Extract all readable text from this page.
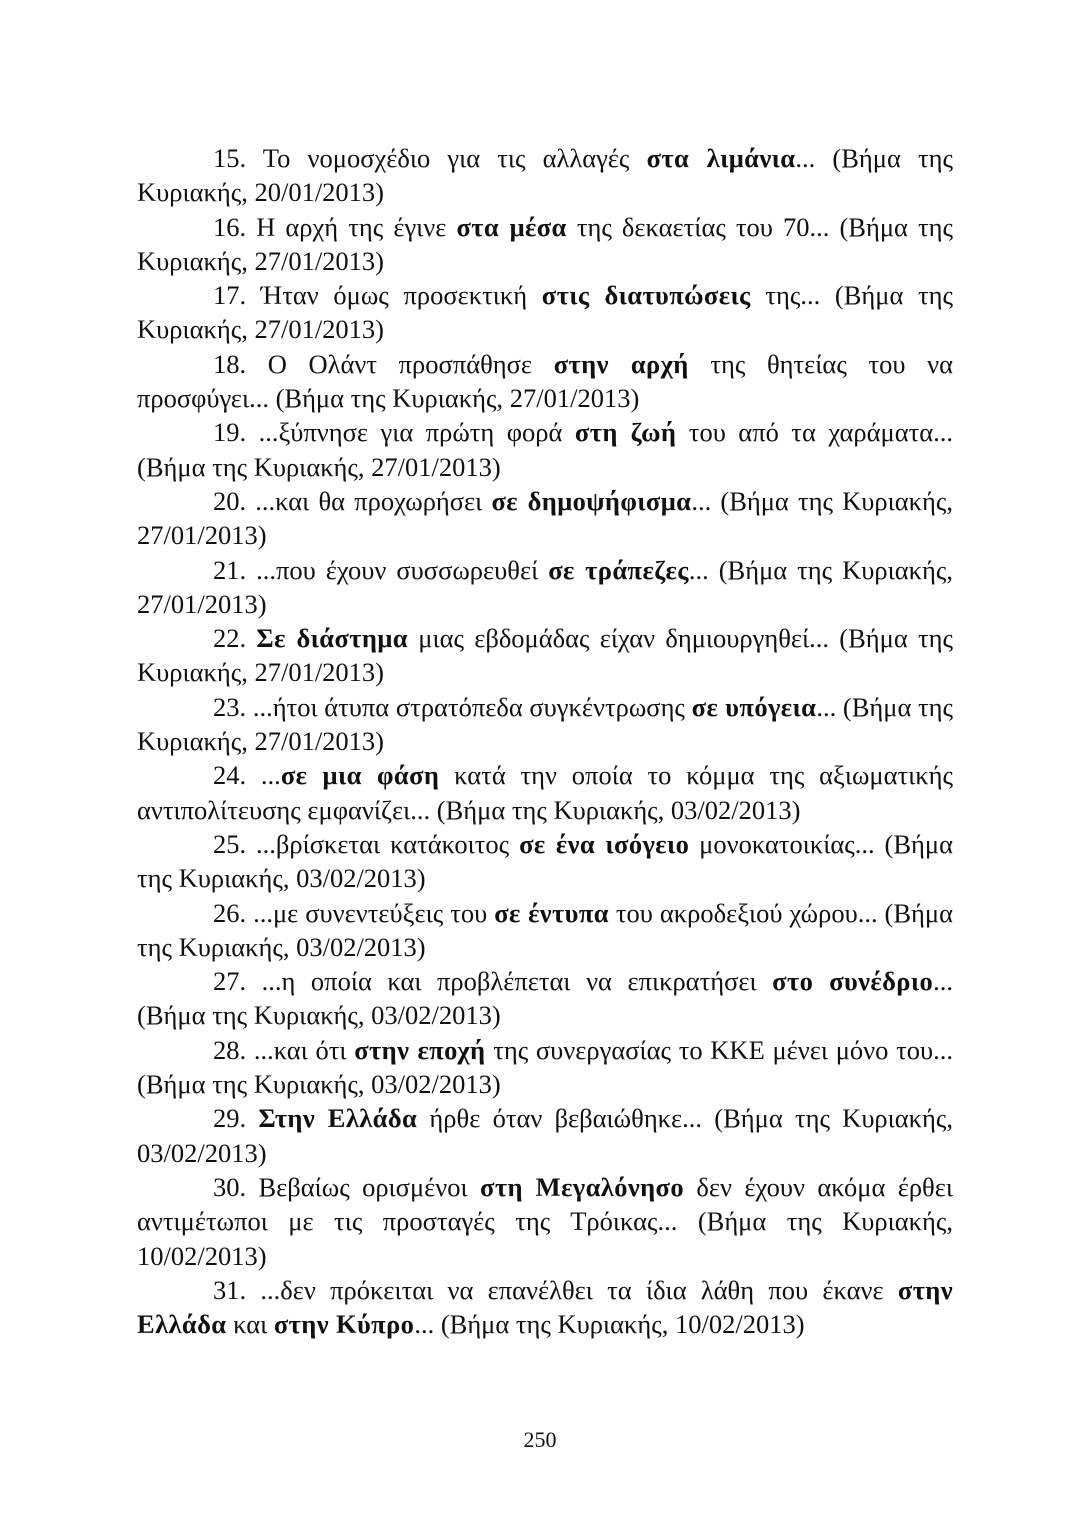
15. Το νομοσχέδιο για τις αλλαγές στα λιμάνια... (Βήμα της Κυριακής, 20/01/2013)

16. Η αρχή της έγινε στα μέσα της δεκαετίας του 70... (Βήμα της Κυριακής, 27/01/2013)

17. Ήταν όμως προσεκτική στις διατυπώσεις της... (Βήμα της Κυριακής, 27/01/2013)

18. Ο Ολάντ προσπάθησε στην αρχή της θητείας του να προσφύγει... (Βήμα της Κυριακής, 27/01/2013)

19. ...ξύπνησε για πρώτη φορά στη ζωή του από τα χαράματα... (Βήμα της Κυριακής, 27/01/2013)

20. ...και θα προχωρήσει σε δημοψήφισμα... (Βήμα της Κυριακής, 27/01/2013)

21. ...που έχουν συσσωρευθεί σε τράπεζες... (Βήμα της Κυριακής, 27/01/2013)

22. Σε διάστημα μιας εβδομάδας είχαν δημιουργηθεί... (Βήμα της Κυριακής, 27/01/2013)

23. ...ήτοι άτυπα στρατόπεδα συγκέντρωσης σε υπόγεια... (Βήμα της Κυριακής, 27/01/2013)

24. ...σε μια φάση κατά την οποία το κόμμα της αξιωματικής αντιπολίτευσης εμφανίζει... (Βήμα της Κυριακής, 03/02/2013)

25. ...βρίσκεται κατάκοιτος σε ένα ισόγειο μονοκατοικίας... (Βήμα της Κυριακής, 03/02/2013)

26. ...με συνεντεύξεις του σε έντυπα του ακροδεξιού χώρου... (Βήμα της Κυριακής, 03/02/2013)

27. ...η οποία και προβλέπεται να επικρατήσει στο συνέδριο... (Βήμα της Κυριακής, 03/02/2013)

28. ...και ότι στην εποχή της συνεργασίας το ΚΚΕ μένει μόνο του... (Βήμα της Κυριακής, 03/02/2013)

29. Στην Ελλάδα ήρθε όταν βεβαιώθηκε... (Βήμα της Κυριακής, 03/02/2013)

30. Βεβαίως ορισμένοι στη Μεγαλόνησο δεν έχουν ακόμα έρθει αντιμέτωποι με τις προσταγές της Τρόικας... (Βήμα της Κυριακής, 10/02/2013)

31. ...δεν πρόκειται να επανέλθει τα ίδια λάθη που έκανε στην Ελλάδα και στην Κύπρο... (Βήμα της Κυριακής, 10/02/2013)

250
